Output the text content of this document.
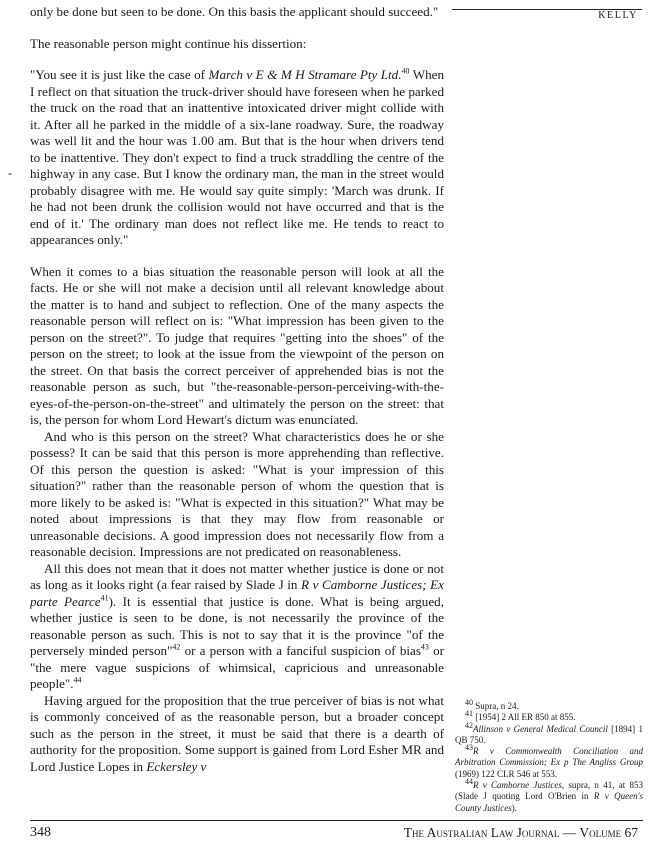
KELLY
-

only be done but seen to be done. On this basis the applicant should succeed."

The reasonable person might continue his dissertion:

"You see it is just like the case of March v E & M H Stramare Pty Ltd.$^{40}$ When I reflect on that situation the truck-driver should have foreseen when he parked the truck on the road that an inattentive intoxicated driver might collide with it. After all he parked in the middle of a six-lane roadway. Sure, the roadway was well lit and the hour was 1.00 am. But that is the hour when drivers tend to be inattentive. They don't expect to find a truck straddling the centre of the highway in any case. But I know the ordinary man, the man in the street would probably disagree with me. He would say quite simply: 'March was drunk. If he had not been drunk the collision would not have occurred and that is the end of it.' The ordinary man does not reflect like me. He tends to react to appearances only."

When it comes to a bias situation the reasonable person will look at all the facts. He or she will not make a decision until all relevant knowledge about the matter is to hand and subject to reflection. One of the many aspects the reasonable person will reflect on is: "What impression has been given to the person on the street?". To judge that requires "getting into the shoes" of the person on the street; to look at the issue from the viewpoint of the person on the street. On that basis the correct perceiver of apprehended bias is not the reasonable person as such, but "the-reasonable-person-perceiving-with-the-eyes-of-the-person-on-the-street" and ultimately the person on the street: that is, the person for whom Lord Hewart's dictum was enunciated.

And who is this person on the street? What characteristics does he or she possess? It can be said that this person is more apprehending than reflective. Of this person the question is asked: "What is your impression of this situation?" rather than the reasonable person of whom the question that is more likely to be asked is: "What is expected in this situation?" What may be noted about impressions is that they may flow from reasonable or unreasonable decisions. A good impression does not necessarily flow from a reasonable decision. Impressions are not predicated on reasonableness.

All this does not mean that it does not matter whether justice is done or not as long as it looks right (a fear raised by Slade J in R v Camborne Justices; Ex parte Pearce$^{41}$). It is essential that justice is done. What is being argued, whether justice is seen to be done, is not necessarily the province of the reasonable person as such. This is not to say that it is the province "of the perversely minded person"$^{42}$ or a person with a fanciful suspicion of bias$^{43}$ or "the mere vague suspicions of whimsical, capricious and unreasonable people".$^{44}$

Having argued for the proposition that the true perceiver of bias is not what is commonly conceived of as the reasonable person, but a broader concept such as the person in the street, it must be said that there is a dearth of authority for the proposition. Some support is gained from Lord Esher MR and Lord Justice Lopes in Eckersley v

$^{40}$ Supra, n 24.

$^{41}$ [1954] 2 All ER 850 at 855.

$^{42}$Allinson v General Medical Council [1894] 1 QB 750.

$^{43}$R v Commonwealth Conciliation and Arbitration Commission; Ex p The Angliss Group (1969) 122 CLR 546 at 553.

$^{44}$R v Camborne Justices, supra, n 41, at 853 (Slade J quoting Lord O'Brien in R v Queen's County Justices).

348	The Australian Law Journal — Volume 67
